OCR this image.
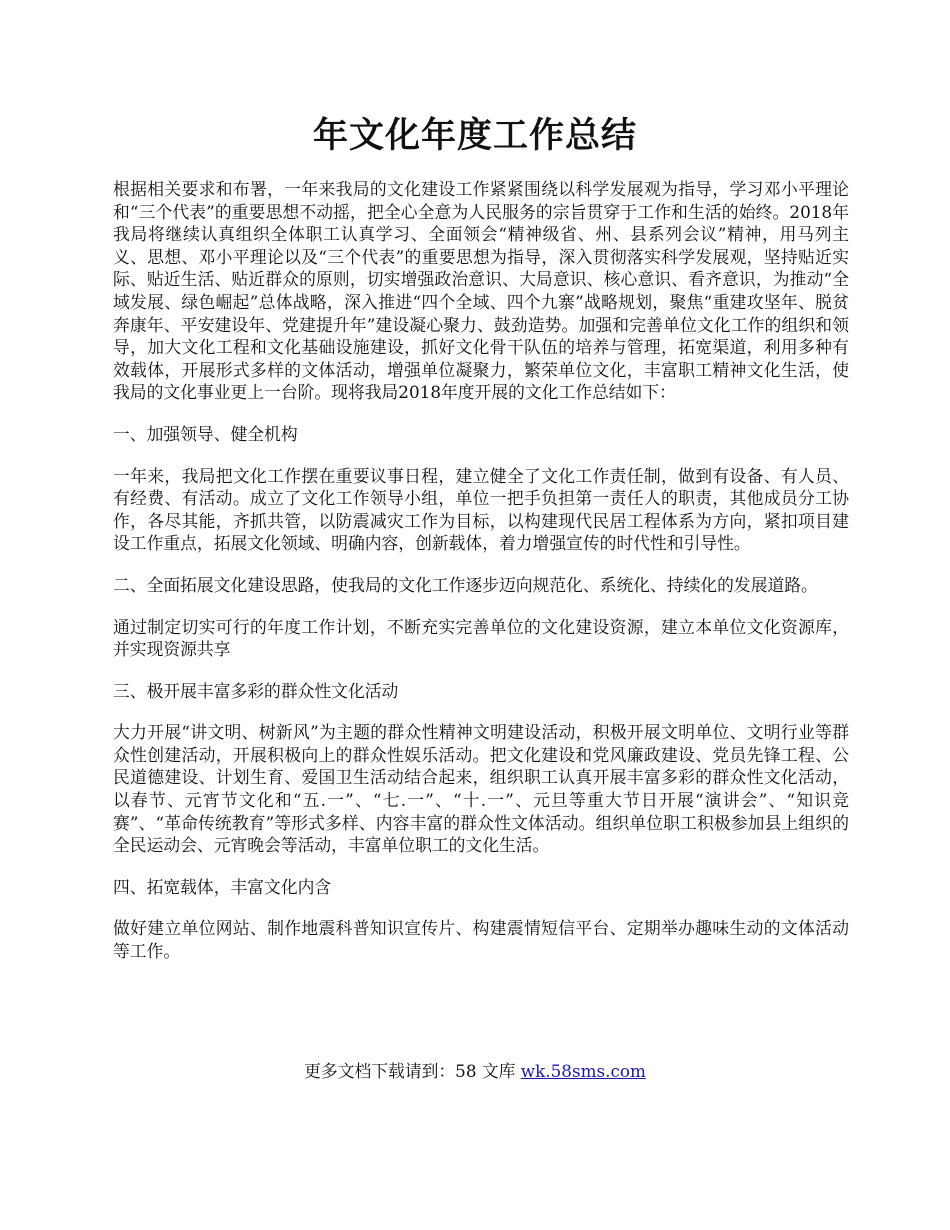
年文化年度工作总结

根据相关要求和布署，一年来我局的文化建设工作紧紧围绕以科学发展观为指导，学习邓小平理论和“三个代表”的重要思想不动摇，把全心全意为人民服务的宗旨贯穿于工作和生活的始终。2018年我局将继续认真组织全体职工认真学习、全面领会“精神级省、州、县系列会议”精神，用马列主义、思想、邓小平理论以及“三个代表”的重要思想为指导，深入贯彻落实科学发展观，坚持贴近实际、贴近生活、贴近群众的原则，切实增强政治意识、大局意识、核心意识、看齐意识，为推动“全域发展、绿色崛起”总体战略，深入推进“四个全域、四个九寨”战略规划，聚焦“重建攻坚年、脱贫奔康年、平安建设年、党建提升年”建设凝心聚力、鼓劲造势。加强和完善单位文化工作的组织和领导，加大文化工程和文化基础设施建设，抓好文化骨干队伍的培养与管理，拓宽渠道，利用多种有效载体，开展形式多样的文体活动，增强单位凝聚力，繁荣单位文化，丰富职工精神文化生活，使我局的文化事业更上一台阶。现将我局2018年度开展的文化工作总结如下：

一、加强领导、健全机构

一年来，我局把文化工作摆在重要议事日程，建立健全了文化工作责任制，做到有设备、有人员、有经费、有活动。成立了文化工作领导小组，单位一把手负担第一责任人的职责，其他成员分工协作，各尽其能，齐抓共管，以防震减灾工作为目标，以构建现代民居工程体系为方向，紧扣项目建设工作重点，拓展文化领域、明确内容，创新载体，着力增强宣传的时代性和引导性。

二、全面拓展文化建设思路，使我局的文化工作逐步迈向规范化、系统化、持续化的发展道路。

通过制定切实可行的年度工作计划，不断充实完善单位的文化建设资源，建立本单位文化资源库，并实现资源共享

三、极开展丰富多彩的群众性文化活动

大力开展“讲文明、树新风”为主题的群众性精神文明建设活动，积极开展文明单位、文明行业等群众性创建活动，开展积极向上的群众性娱乐活动。把文化建设和党风廉政建设、党员先锋工程、公民道德建设、计划生育、爱国卫生活动结合起来，组织职工认真开展丰富多彩的群众性文化活动，以春节、元宵节文化和“五.一”、“七.一”、“十.一”、元旦等重大节日开展“演讲会”、“知识竞赛”、“革命传统教育”等形式多样、内容丰富的群众性文体活动。组织单位职工积极参加县上组织的全民运动会、元宵晚会等活动，丰富单位职工的文化生活。

四、拓宽载体，丰富文化内含

做好建立单位网站、制作地震科普知识宣传片、构建震情短信平台、定期举办趣味生动的文体活动等工作。

更多文档下载请到：58 文库 wk.58sms.com
